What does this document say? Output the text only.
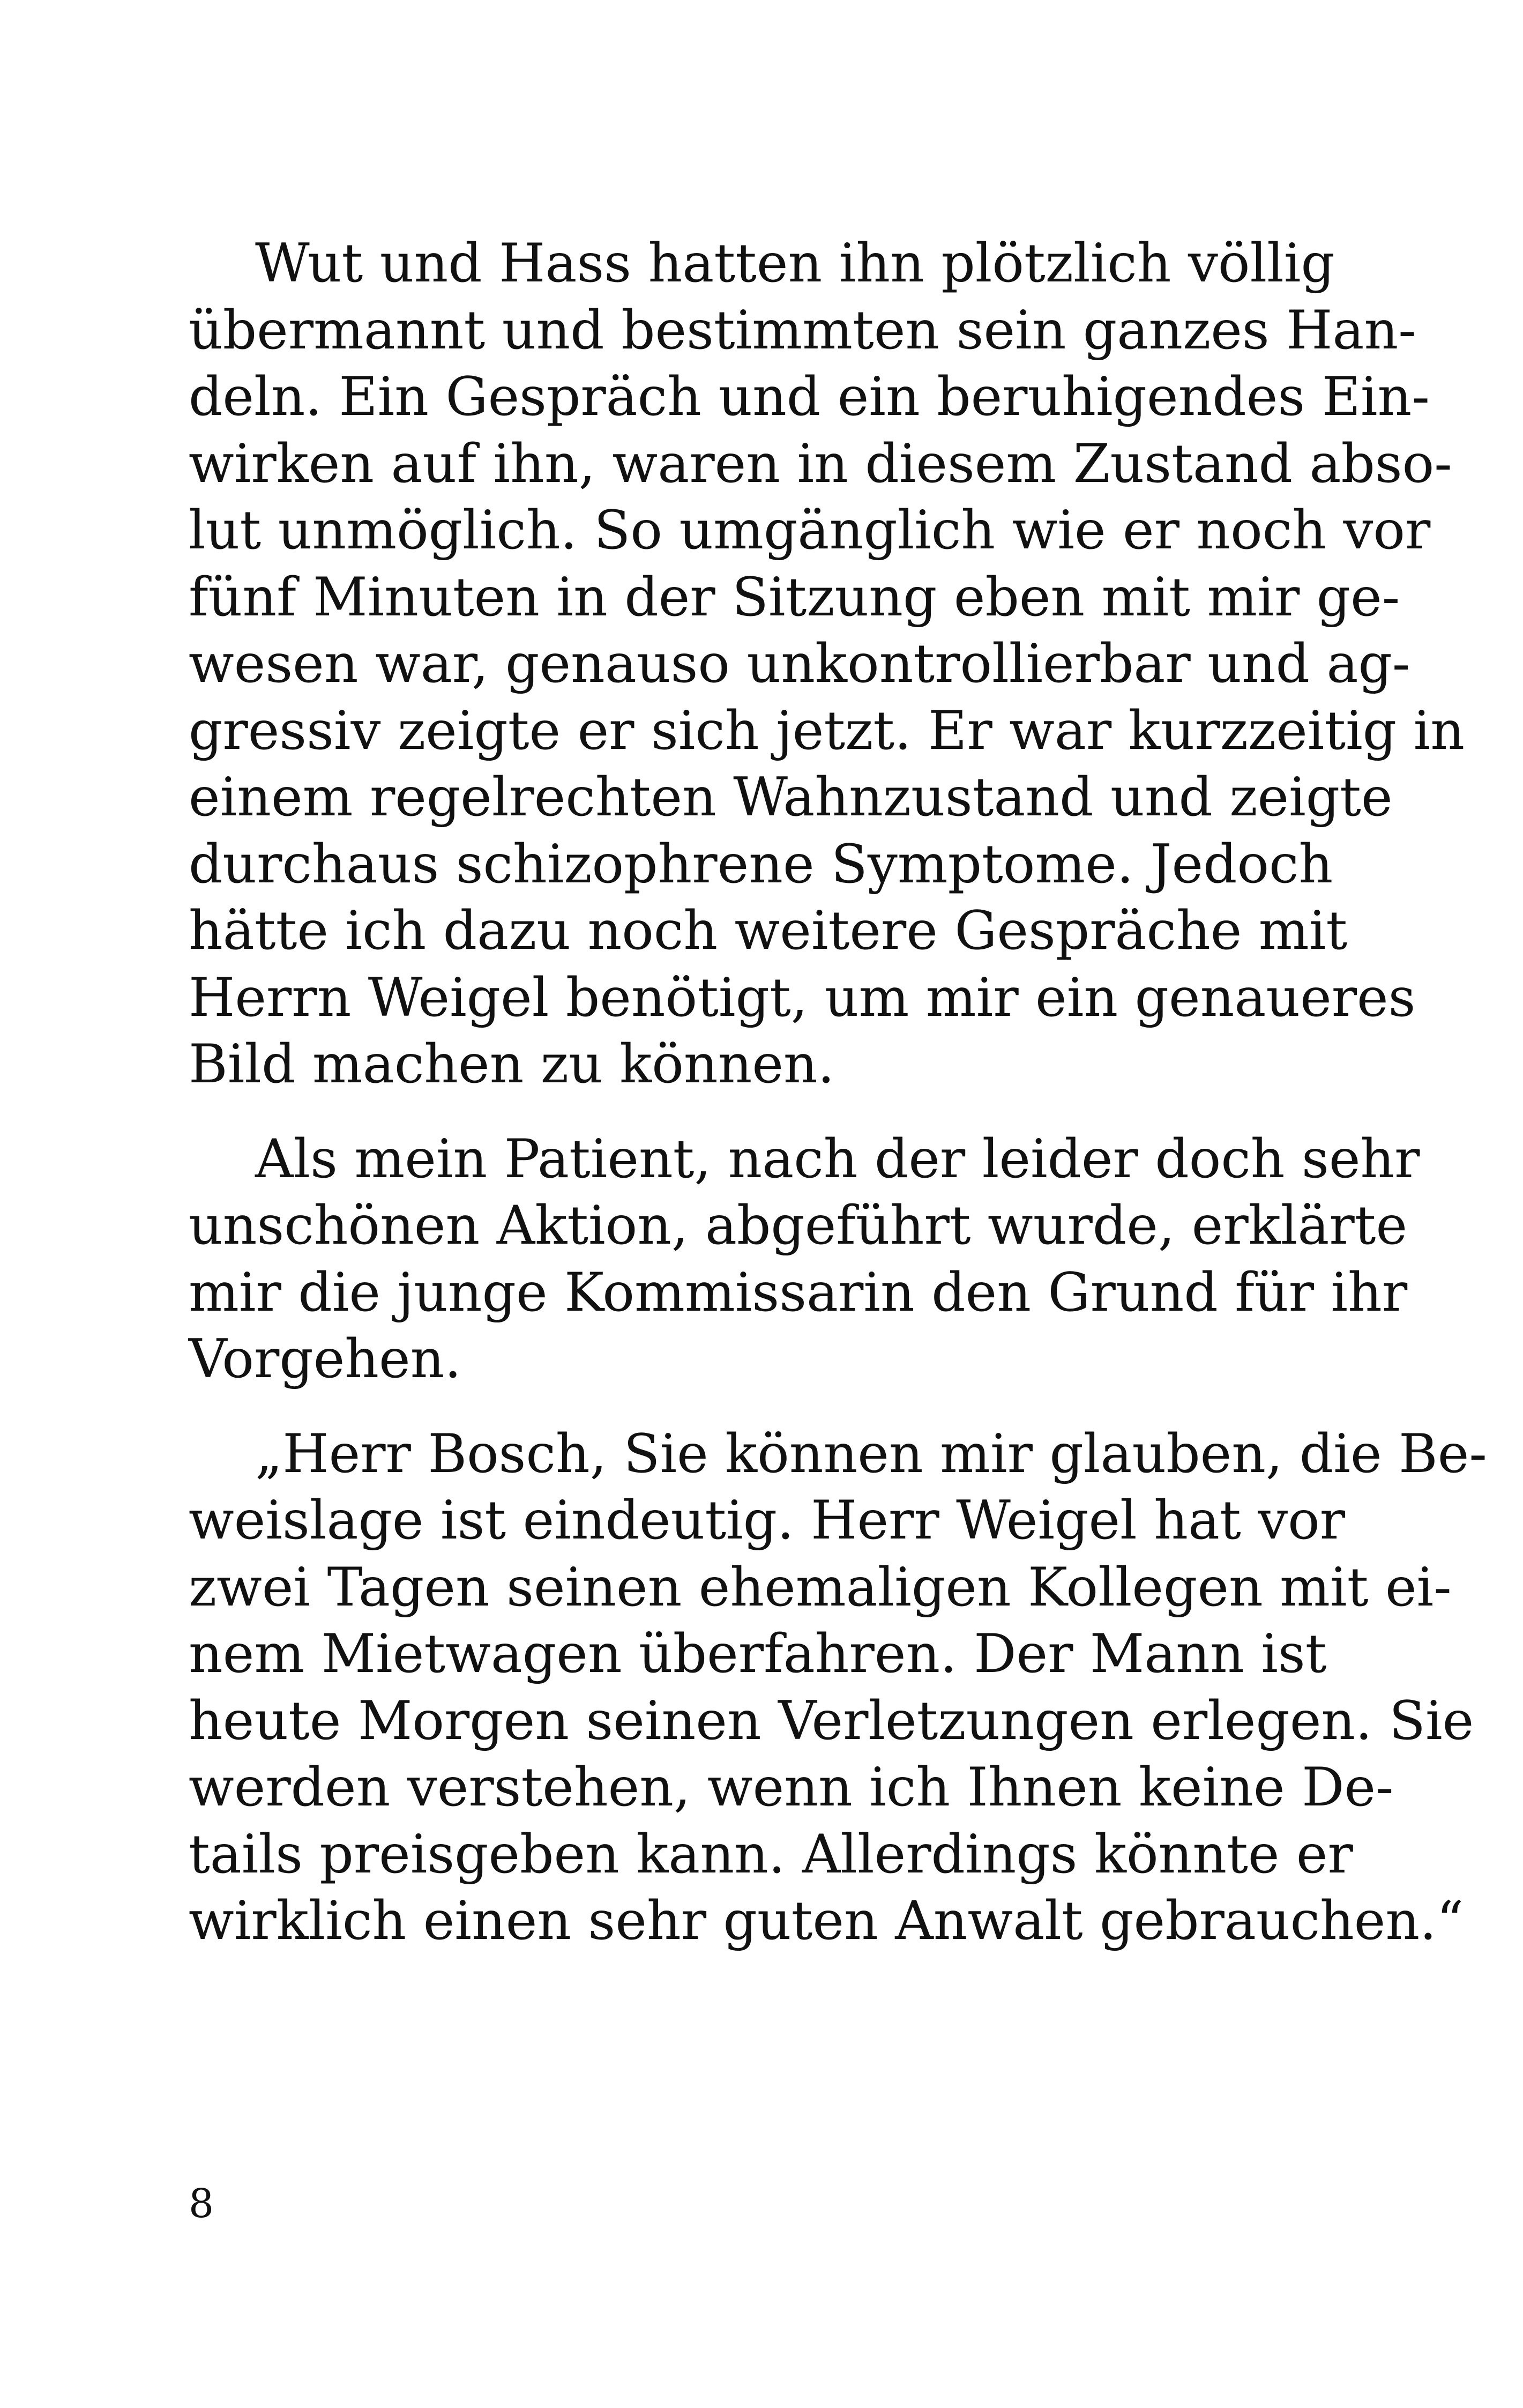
Wut und Hass hatten ihn plötzlich völlig
übermannt und bestimmten sein ganzes Han-
deln. Ein Gespräch und ein beruhigendes Ein-
wirken auf ihn, waren in diesem Zustand abso-
lut unmöglich. So umgänglich wie er noch vor
fünf Minuten in der Sitzung eben mit mir ge-
wesen war, genauso unkontrollierbar und ag-
gressiv zeigte er sich jetzt. Er war kurzzeitig in
einem regelrechten Wahnzustand und zeigte
durchaus schizophrene Symptome. Jedoch
hätte ich dazu noch weitere Gespräche mit
Herrn Weigel benötigt, um mir ein genaueres
Bild machen zu können.
Als mein Patient, nach der leider doch sehr
unschönen Aktion, abgeführt wurde, erklärte
mir die junge Kommissarin den Grund für ihr
Vorgehen.
„Herr Bosch, Sie können mir glauben, die Be-
weislage ist eindeutig. Herr Weigel hat vor
zwei Tagen seinen ehemaligen Kollegen mit ei-
nem Mietwagen überfahren. Der Mann ist
heute Morgen seinen Verletzungen erlegen. Sie
werden verstehen, wenn ich Ihnen keine De-
tails preisgeben kann. Allerdings könnte er
wirklich einen sehr guten Anwalt gebrauchen.“
8
